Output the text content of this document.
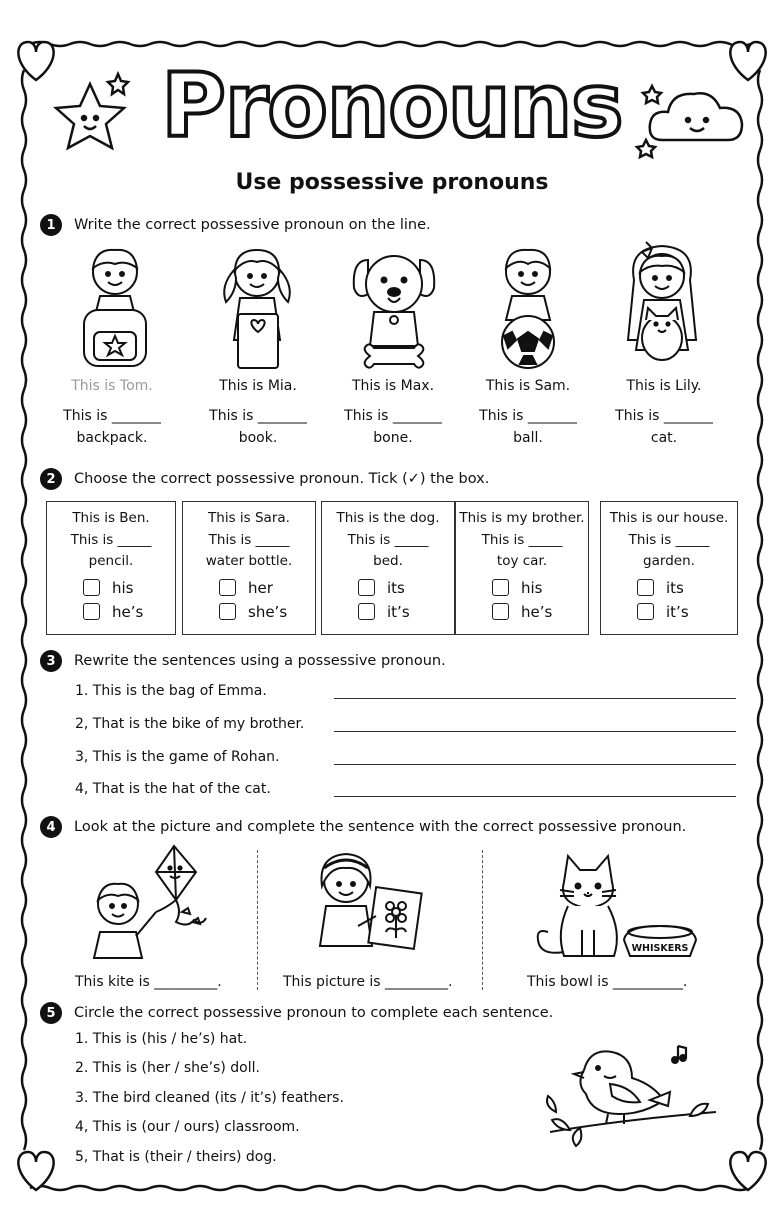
Pronouns
Use possessive pronouns
1	Write the correct possessive pronoun on the line.
This is Tom.	This is Mia.	This is Max.	This is Sam.	This is Lily.
This is _______	This is _______	This is _______	This is _______	This is _______
backpack.	book.	bone.	ball.	cat.
2	Choose the correct possessive pronoun. Tick (✓) the box.
This is Ben.
This is _____
pencil.
his
he’s
This is Sara.
This is _____
water bottle.
her
she’s
This is the dog.
This is _____
bed.
its
it’s
This is my brother.
This is _____
toy car.
his
he’s
This is our house.
This is _____
garden.
its
it’s
3	Rewrite the sentences using a possessive pronoun.
1. This is the bag of Emma.
2, That is the bike of my brother.
3, This is the game of Rohan.
4, That is the hat of the cat.
4	Look at the picture and complete the sentence with the correct possessive pronoun.
WHISKERS
This kite is _________.	This picture is _________.	This bowl is __________.
5	Circle the correct possessive pronoun to complete each sentence.
1. This is (his / he’s) hat.
2. This is (her / she’s) doll.
3. The bird cleaned (its / it’s) feathers.
4, This is (our / ours) classroom.
5, That is (their / theirs) dog.
